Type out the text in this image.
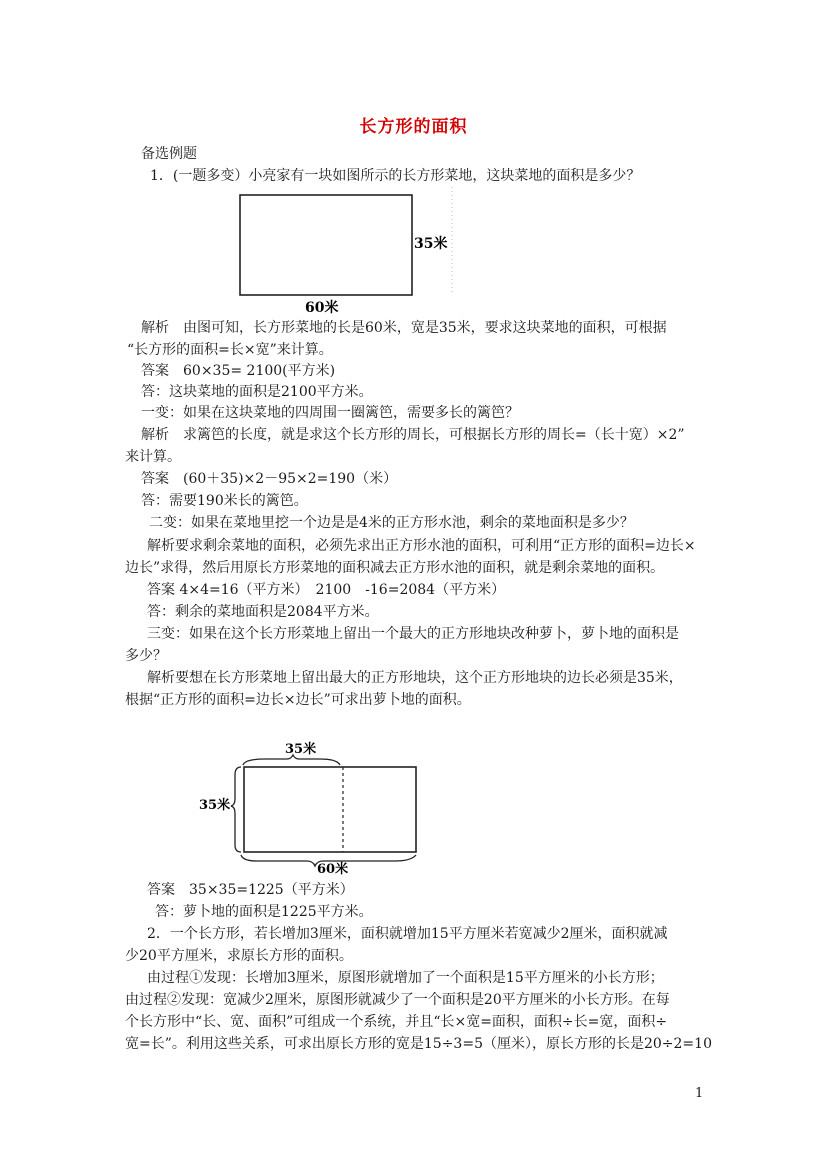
长方形的面积
备选例题
1．(一题多变）小亮家有一块如图所示的长方形菜地，这块菜地的面积是多少？
35米
60米
解析　由图可知，长方形菜地的长是60米，宽是35米，要求这块菜地的面积，可根据
“长方形的面积=长×宽”来计算。
答案　60×35= 2100(平方米)
答：这块菜地的面积是2100平方米。
一变：如果在这块菜地的四周围一圈篱笆，需要多长的篱笆？
解析　求篱笆的长度，就是求这个长方形的周长，可根据长方形的周长=（长十宽）×2”
来计算。
答案　(60＋35)×2－95×2=190（米）
答：需要190米长的篱笆。
二变：如果在菜地里挖一个边是是4米的正方形水池，剩余的菜地面积是多少？
解析要求剩余菜地的面积，必须先求出正方形水池的面积，可利用“正方形的面积=边长×
边长”求得，然后用原长方形菜地的面积减去正方形水池的面积，就是剩余菜地的面积。
答案 4×4=16（平方米）　2100　-16=2084（平方米）
答：剩余的菜地面积是2084平方米。
三变：如果在这个长方形菜地上留出一个最大的正方形地块改种萝卜，萝卜地的面积是
多少？
解析要想在长方形菜地上留出最大的正方形地块，这个正方形地块的边长必须是35米，
根据“正方形的面积=边长×边长”可求出萝卜地的面积。
35米
35米
60米
答案　35×35=1225（平方米）
答：萝卜地的面积是1225平方米。
2．一个长方形，若长增加3厘米，面积就增加15平方厘米若宽减少2厘米，面积就减
少20平方厘米，求原长方形的面积。
由过程①发现：长增加3厘米，原图形就增加了一个面积是15平方厘米的小长方形；
由过程②发现：宽减少2厘米，原图形就减少了一个面积是20平方厘米的小长方形。在每
个长方形中“长、宽、面积”可组成一个系统，并且“长×宽=面积，面积÷长=宽，面积÷
宽=长”。利用这些关系，可求出原长方形的宽是15÷3=5（厘米），原长方形的长是20÷2=10
1
